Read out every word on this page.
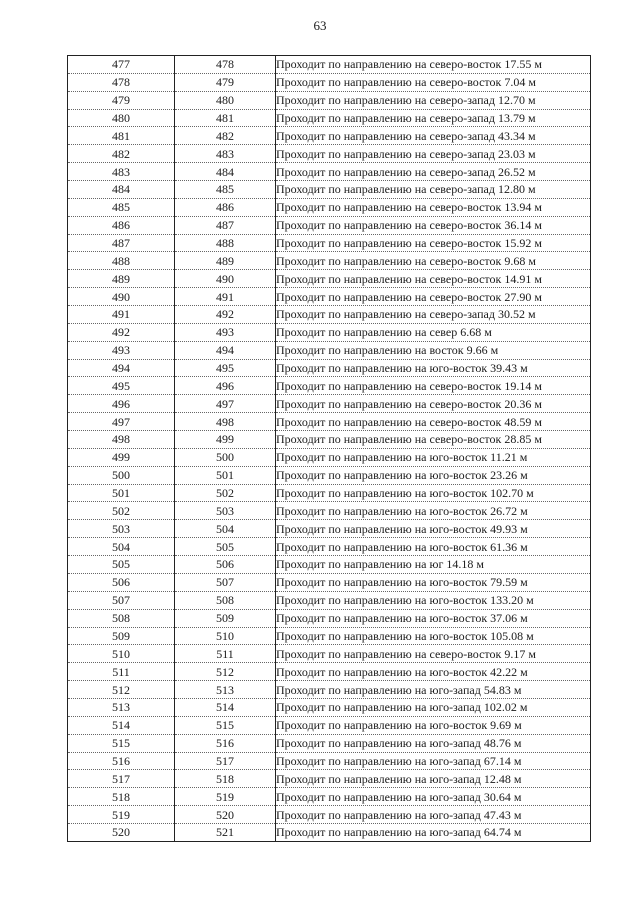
63
477	478	Проходит по направлению на северо-восток 17.55 м
478	479	Проходит по направлению на северо-восток 7.04 м
479	480	Проходит по направлению на северо-запад 12.70 м
480	481	Проходит по направлению на северо-запад 13.79 м
481	482	Проходит по направлению на северо-запад 43.34 м
482	483	Проходит по направлению на северо-запад 23.03 м
483	484	Проходит по направлению на северо-запад 26.52 м
484	485	Проходит по направлению на северо-запад 12.80 м
485	486	Проходит по направлению на северо-восток 13.94 м
486	487	Проходит по направлению на северо-восток 36.14 м
487	488	Проходит по направлению на северо-восток 15.92 м
488	489	Проходит по направлению на северо-восток 9.68 м
489	490	Проходит по направлению на северо-восток 14.91 м
490	491	Проходит по направлению на северо-восток 27.90 м
491	492	Проходит по направлению на северо-запад 30.52 м
492	493	Проходит по направлению на север 6.68 м
493	494	Проходит по направлению на восток 9.66 м
494	495	Проходит по направлению на юго-восток 39.43 м
495	496	Проходит по направлению на северо-восток 19.14 м
496	497	Проходит по направлению на северо-восток 20.36 м
497	498	Проходит по направлению на северо-восток 48.59 м
498	499	Проходит по направлению на северо-восток 28.85 м
499	500	Проходит по направлению на юго-восток 11.21 м
500	501	Проходит по направлению на юго-восток 23.26 м
501	502	Проходит по направлению на юго-восток 102.70 м
502	503	Проходит по направлению на юго-восток 26.72 м
503	504	Проходит по направлению на юго-восток 49.93 м
504	505	Проходит по направлению на юго-восток 61.36 м
505	506	Проходит по направлению на юг 14.18 м
506	507	Проходит по направлению на юго-восток 79.59 м
507	508	Проходит по направлению на юго-восток 133.20 м
508	509	Проходит по направлению на юго-восток 37.06 м
509	510	Проходит по направлению на юго-восток 105.08 м
510	511	Проходит по направлению на северо-восток 9.17 м
511	512	Проходит по направлению на юго-восток 42.22 м
512	513	Проходит по направлению на юго-запад 54.83 м
513	514	Проходит по направлению на юго-запад 102.02 м
514	515	Проходит по направлению на юго-восток 9.69 м
515	516	Проходит по направлению на юго-запад 48.76 м
516	517	Проходит по направлению на юго-запад 67.14 м
517	518	Проходит по направлению на юго-запад 12.48 м
518	519	Проходит по направлению на юго-запад 30.64 м
519	520	Проходит по направлению на юго-запад 47.43 м
520	521	Проходит по направлению на юго-запад 64.74 м
